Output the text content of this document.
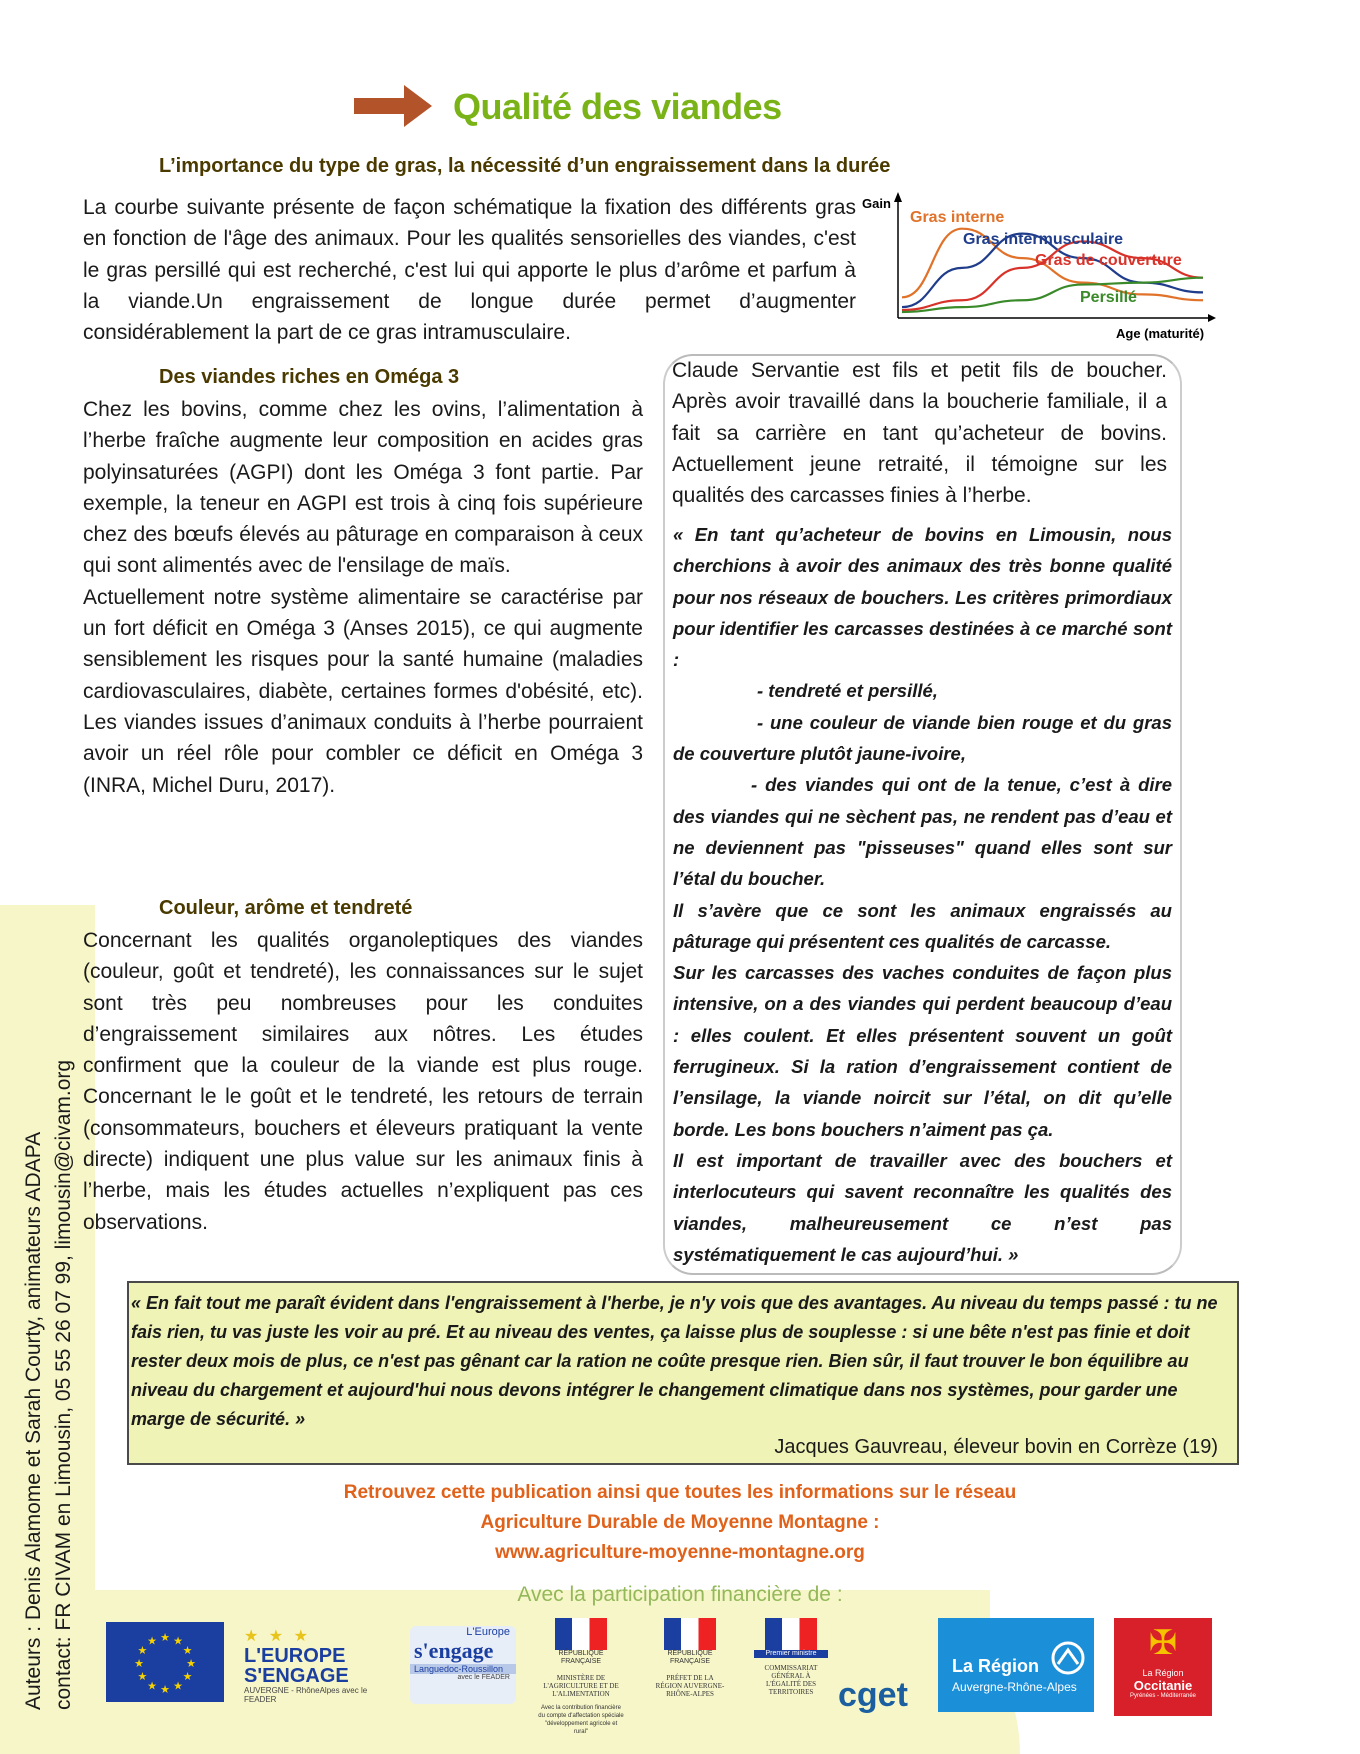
Auteurs : Denis Alamome et Sarah Courty, animateurs ADAPA contact: FR CIVAM en Limousin, 05 55 26 07 99, limousin@civam.org
Qualité des viandes
L’importance du type de gras, la nécessité d’un engraissement dans la durée

La courbe suivante présente de façon schématique la fixation des différents gras en fonction de l'âge des animaux. Pour les qualités sensorielles des viandes, c'est le gras persillé qui est recherché, c'est lui qui apporte le plus d’arôme et parfum à la viande.Un engraissement de longue durée permet d’augmenter considérablement la part de ce gras intramusculaire.

Gain
Age (maturité)
Gras interne
Gras intermusculaire
Gras de couverture
Persillé
Des viandes riches en Oméga 3

Chez les bovins, comme chez les ovins, l’alimentation à l’herbe fraîche augmente leur composition en acides gras polyinsaturées (AGPI) dont les Oméga 3 font partie. Par exemple, la teneur en AGPI est trois à cinq fois supérieure chez des bœufs élevés au pâturage en comparaison à ceux qui sont alimentés avec de l'ensilage de maïs.

Actuellement notre système alimentaire se caractérise par un fort déficit en Oméga 3 (Anses 2015), ce qui augmente sensiblement les risques pour la santé humaine (maladies cardiovasculaires, diabète, certaines formes d'obésité, etc). Les viandes issues d’animaux conduits à l’herbe pourraient avoir un réel rôle pour combler ce déficit en Oméga 3 (INRA, Michel Duru, 2017).

Couleur, arôme et tendreté

Concernant les qualités organoleptiques des viandes (couleur, goût et tendreté), les connaissances sur le sujet sont très peu nombreuses pour les conduites d’engraissement similaires aux nôtres. Les études confirment que la couleur de la viande est plus rouge. Concernant le le goût et le tendreté, les retours de terrain (consommateurs, bouchers et éleveurs pratiquant la vente directe) indiquent une plus value sur les animaux finis à l’herbe, mais les études actuelles n’expliquent pas ces observations.

Claude Servantie est fils et petit fils de boucher. Après avoir travaillé dans la boucherie familiale, il a fait sa carrière en tant qu’acheteur de bovins. Actuellement jeune retraité, il témoigne sur les qualités des carcasses finies à l’herbe.

« En tant qu’acheteur de bovins en Limousin, nous cherchions à avoir des animaux des très bonne qualité pour nos réseaux de bouchers. Les critères primordiaux pour identifier les carcasses destinées à ce marché sont :

- tendreté et persillé,

- une couleur de viande bien rouge et du gras de couverture plutôt jaune-ivoire,

- des viandes qui ont de la tenue, c’est à dire des viandes qui ne sèchent pas, ne rendent pas d’eau et ne deviennent pas "pisseuses" quand elles sont sur l’étal du boucher.

Il s’avère que ce sont les animaux engraissés au pâturage qui présentent ces qualités de carcasse.

Sur les carcasses des vaches conduites de façon plus intensive, on a des viandes qui perdent beaucoup d’eau : elles coulent. Et elles présentent souvent un goût ferrugineux. Si la ration d’engraissement contient de l’ensilage, la viande noircit sur l’étal, on dit qu’elle borde. Les bons bouchers n’aiment pas ça.

Il est important de travailler avec des bouchers et interlocuteurs qui savent reconnaître les qualités des viandes, malheureusement ce n’est pas systématiquement le cas aujourd’hui. »

« En fait tout me paraît évident dans l'engraissement à l'herbe, je n'y vois que des avantages. Au niveau du temps passé : tu ne fais rien, tu vas juste les voir au pré. Et au niveau des ventes, ça laisse plus de souplesse : si une bête n'est pas finie et doit rester deux mois de plus, ce n'est pas gênant car la ration ne coûte presque rien. Bien sûr, il faut trouver le bon équilibre au niveau du chargement et aujourd'hui nous devons intégrer le changement climatique dans nos systèmes, pour garder une marge de sécurité. »
Jacques Gauvreau, éleveur bovin en Corrèze (19)
Retrouvez cette publication ainsi que toutes les informations sur le réseau
Agriculture Durable de Moyenne Montagne :
www.agriculture-moyenne-montagne.org
Avec la participation financière de :
★ ★
★
★
★
★
★
★
★
★
★
★	★ ★ ★
L'EUROPE S'ENGAGE
AUVERGNE - RhôneAlpes avec le FEADER
L'Europe
s'engage
Languedoc-Roussillon
avec le FEADER
RÉPUBLIQUE FRANÇAISE
MINISTÈRE DE L'AGRICULTURE ET DE L'ALIMENTATION
Avec la contribution financière du compte d'affectation spéciale "développement agricole et rural"
RÉPUBLIQUE FRANÇAISE
PRÉFET DE LA RÉGION AUVERGNE-RHÔNE-ALPES
Premier ministre
COMMISSARIAT GÉNÉRAL À L'ÉGALITÉ DES TERRITOIRES cget
La Région
Auvergne-Rhône-Alpes
✠
La Région
Occitanie
Pyrénées - Méditerranée
